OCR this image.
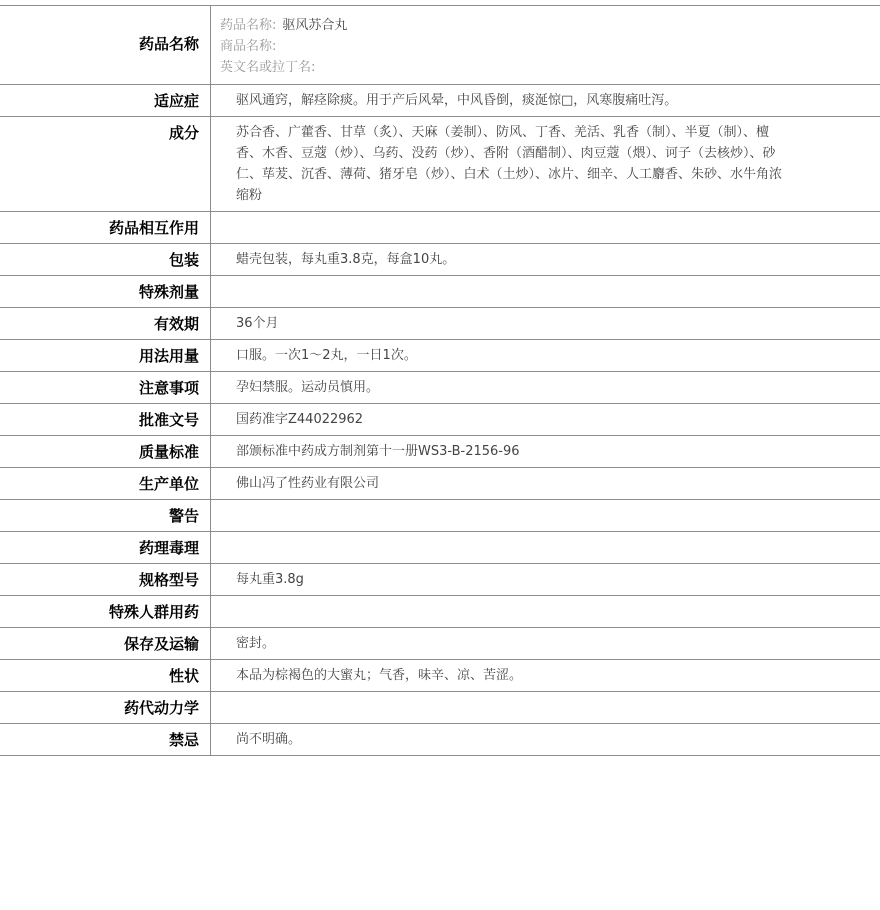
药品名称	药品名称: 驱风苏合丸
商品名称:
英文名或拉丁名:

适应症	驱风通窍，解痉除痰。用于产后风晕，中风昏倒，痰涎惊□，风寒腹痛吐泻。
成分	苏合香、广藿香、甘草（炙）、天麻（姜制）、防风、丁香、羌活、乳香（制）、半夏（制）、檀香、木香、豆蔻（炒）、乌药、没药（炒）、香附（酒醋制）、肉豆蔻（煨）、诃子（去核炒）、砂仁、荜茇、沉香、薄荷、猪牙皂（炒）、白术（土炒）、冰片、细辛、人工麝香、朱砂、水牛角浓缩粉
药品相互作用	
包装	蜡壳包装，每丸重3.8克，每盒10丸。
特殊剂量	
有效期	36个月
用法用量	口服。一次1～2丸，一日1次。
注意事项	孕妇禁服。运动员慎用。
批准文号	国药准字Z44022962
质量标准	部颁标准中药成方制剂第十一册WS3-B-2156-96
生产单位	佛山冯了性药业有限公司
警告	
药理毒理	
规格型号	每丸重3.8g
特殊人群用药	
保存及运输	密封。
性状	本品为棕褐色的大蜜丸；气香，味辛、凉、苦涩。
药代动力学	
禁忌	尚不明确。
